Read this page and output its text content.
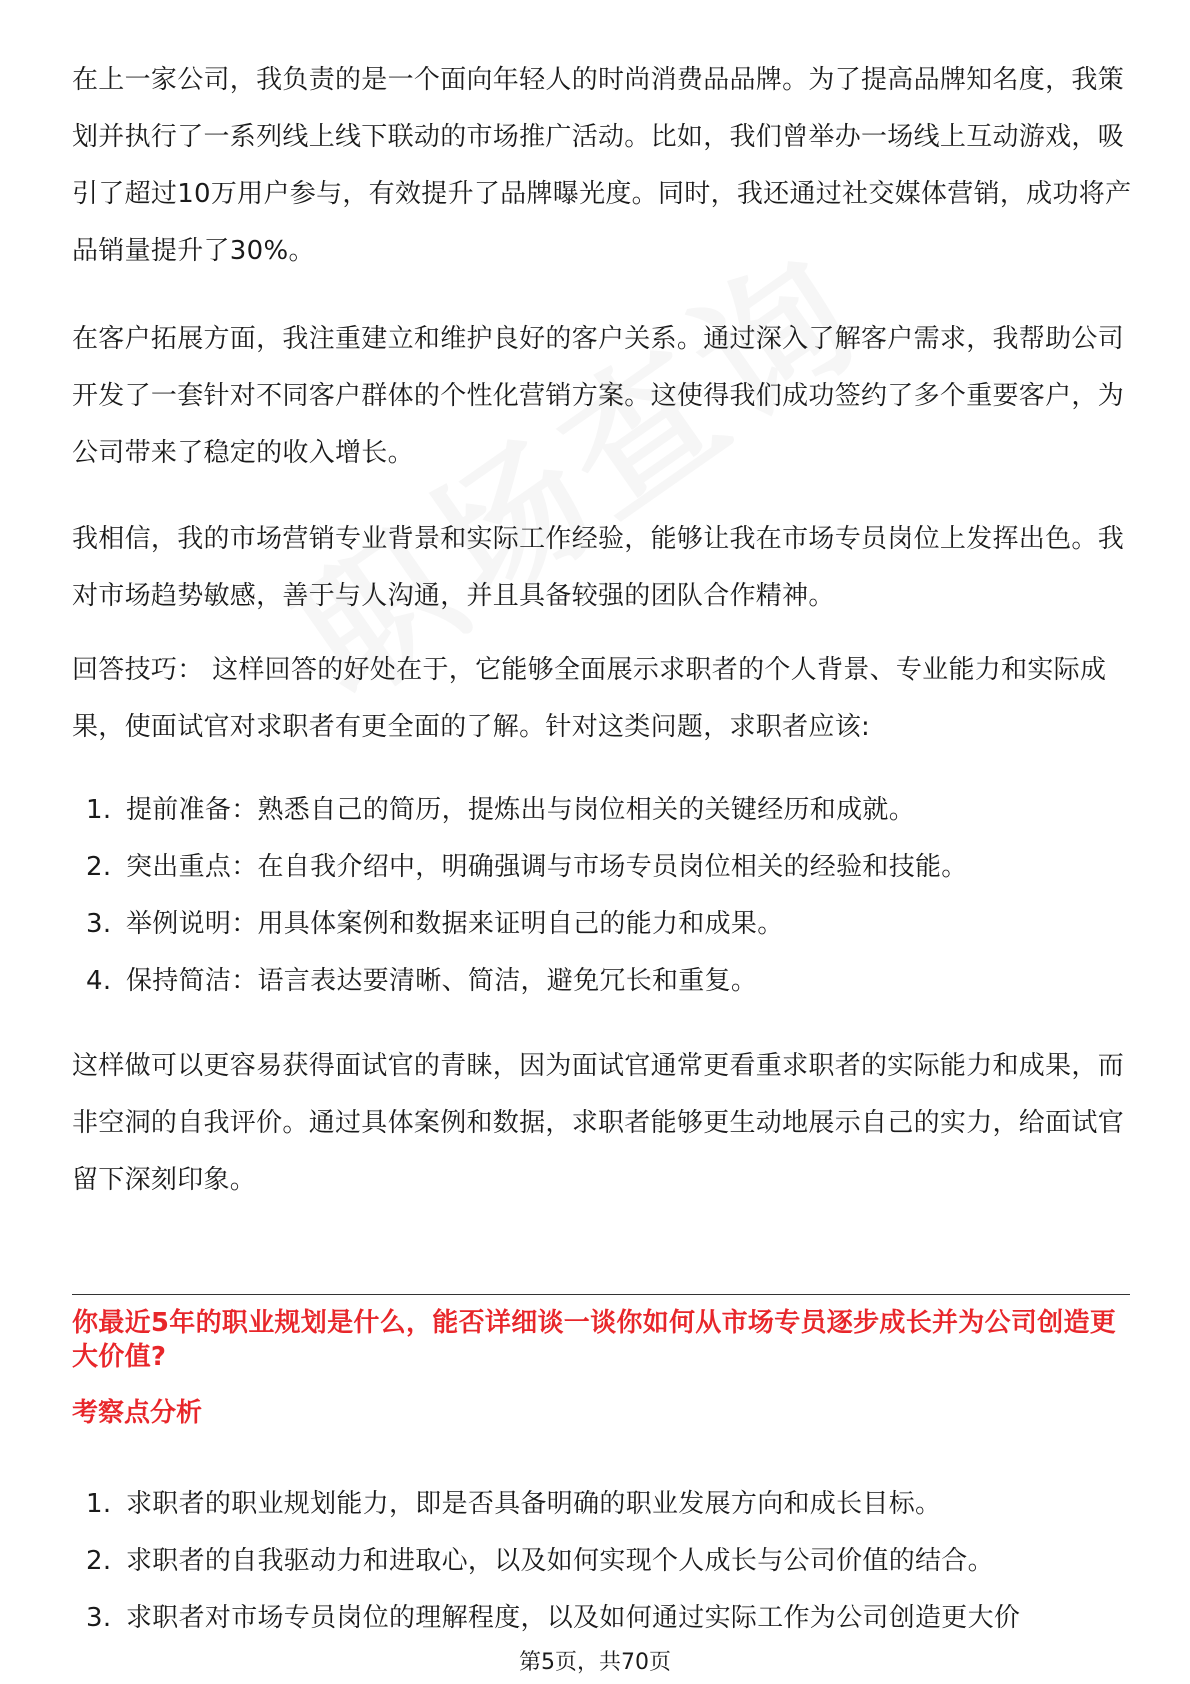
在上一家公司，我负责的是一个面向年轻人的时尚消费品品牌。为了提高品牌知名度，我策划并执行了一系列线上线下联动的市场推广活动。比如，我们曾举办一场线上互动游戏，吸引了超过10万用户参与，有效提升了品牌曝光度。同时，我还通过社交媒体营销，成功将产品销量提升了30%。

在客户拓展方面，我注重建立和维护良好的客户关系。通过深入了解客户需求，我帮助公司开发了一套针对不同客户群体的个性化营销方案。这使得我们成功签约了多个重要客户，为公司带来了稳定的收入增长。

我相信，我的市场营销专业背景和实际工作经验，能够让我在市场专员岗位上发挥出色。我对市场趋势敏感，善于与人沟通，并且具备较强的团队合作精神。

回答技巧： 这样回答的好处在于，它能够全面展示求职者的个人背景、专业能力和实际成果，使面试官对求职者有更全面的了解。针对这类问题，求职者应该:

1. 提前准备：熟悉自己的简历，提炼出与岗位相关的关键经历和成就。
2. 突出重点：在自我介绍中，明确强调与市场专员岗位相关的经验和技能。
3. 举例说明：用具体案例和数据来证明自己的能力和成果。
4. 保持简洁：语言表达要清晰、简洁，避免冗长和重复。

这样做可以更容易获得面试官的青睐，因为面试官通常更看重求职者的实际能力和成果，而非空洞的自我评价。通过具体案例和数据，求职者能够更生动地展示自己的实力，给面试官留下深刻印象。

你最近5年的职业规划是什么，能否详细谈一谈你如何从市场专员逐步成长并为公司创造更大价值?

考察点分析

1. 求职者的职业规划能力，即是否具备明确的职业发展方向和成长目标。
2. 求职者的自我驱动力和进取心，以及如何实现个人成长与公司价值的结合。
3. 求职者对市场专员岗位的理解程度，以及如何通过实际工作为公司创造更大价
第5页，共70页
